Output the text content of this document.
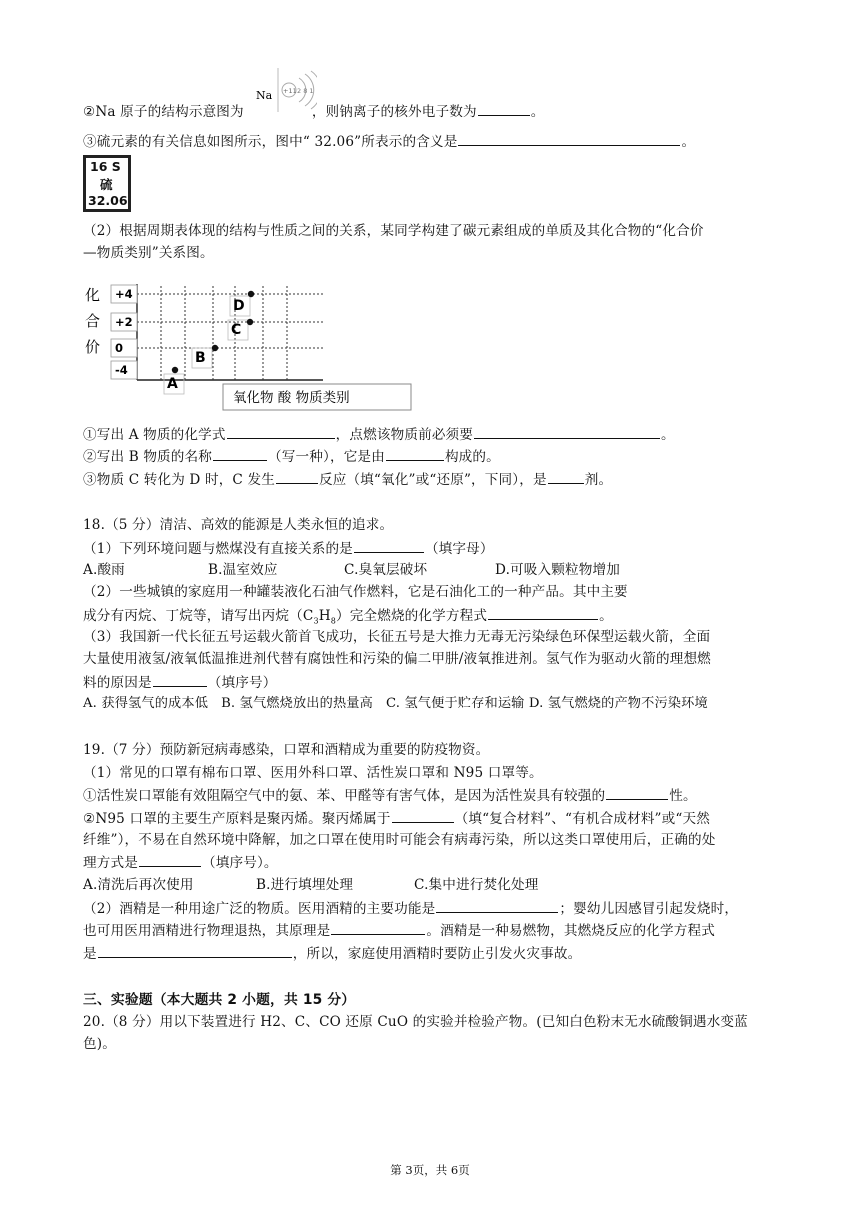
②Na 原子的结构示意图为	，则钠离子的核外电子数为	。
Na +11 2 8 1
③硫元素的有关信息如图所示，图中“ 32.06”所表示的含义是	。
16 S
硫
32.06
（2）根据周期表体现的结构与性质之间的关系，某同学构建了碳元素组成的单质及其化合物的“化合价
—物质类别”关系图。
化
合
价
+4
+2
0
-4
A
B
C
D
氧化物 酸 物质类别
①写出 A 物质的化学式	，点燃该物质前必须要	。
②写出 B 物质的名称	（写一种），它是由	构成的。
③物质 C 转化为 D 时，C 发生	反应（填“氧化”或“还原”，下同），是	剂。
18.（5 分）清洁、高效的能源是人类永恒的追求。
（1）下列环境问题与燃煤没有直接关系的是	（填字母）
A.酸雨	B.温室效应	C.臭氧层破坏	D.可吸入颗粒物增加
（2）一些城镇的家庭用一种罐装液化石油气作燃料，它是石油化工的一种产品。其中主要
成分有丙烷、丁烷等，请写出丙烷$(C_3H_8)$完全燃烧的化学方程式	。
（3）我国新一代长征五号运载火箭首飞成功，长征五号是大推力无毒无污染绿色环保型运载火箭，全面
大量使用液氢/液氧低温推进剂代替有腐蚀性和污染的偏二甲肼/液氧推进剂。氢气作为驱动火箭的理想燃
料的原因是	（填序号）
A. 获得氢气的成本低   B. 氢气燃烧放出的热量高   C. 氢气便于贮存和运输 D. 氢气燃烧的产物不污染环境
19.（7 分）预防新冠病毒感染，口罩和酒精成为重要的防疫物资。
（1）常见的口罩有棉布口罩、医用外科口罩、活性炭口罩和 N95 口罩等。
①活性炭口罩能有效阻隔空气中的氨、苯、甲醛等有害气体，是因为活性炭具有较强的	性。
②N95 口罩的主要生产原料是聚丙烯。聚丙烯属于	（填“复合材料”、“有机合成材料”或“天然
纤维”），不易在自然环境中降解，加之口罩在使用时可能会有病毒污染，所以这类口罩使用后，正确的处
理方式是	（填序号）。
A.清洗后再次使用	B.进行填埋处理	C.集中进行焚化处理
（2）酒精是一种用途广泛的物质。医用酒精的主要功能是	；婴幼儿因感冒引起发烧时，
也可用医用酒精进行物理退热，其原理是	。酒精是一种易燃物，其燃烧反应的化学方程式
是	，所以，家庭使用酒精时要防止引发火灾事故。
三、实验题（本大题共 2 小题，共 15 分）
20.（8 分）用以下装置进行 H2、C、CO 还原 CuO 的实验并检验产物。(已知白色粉末无水硫酸铜遇水变蓝
色)。
第 3页，共 6页
